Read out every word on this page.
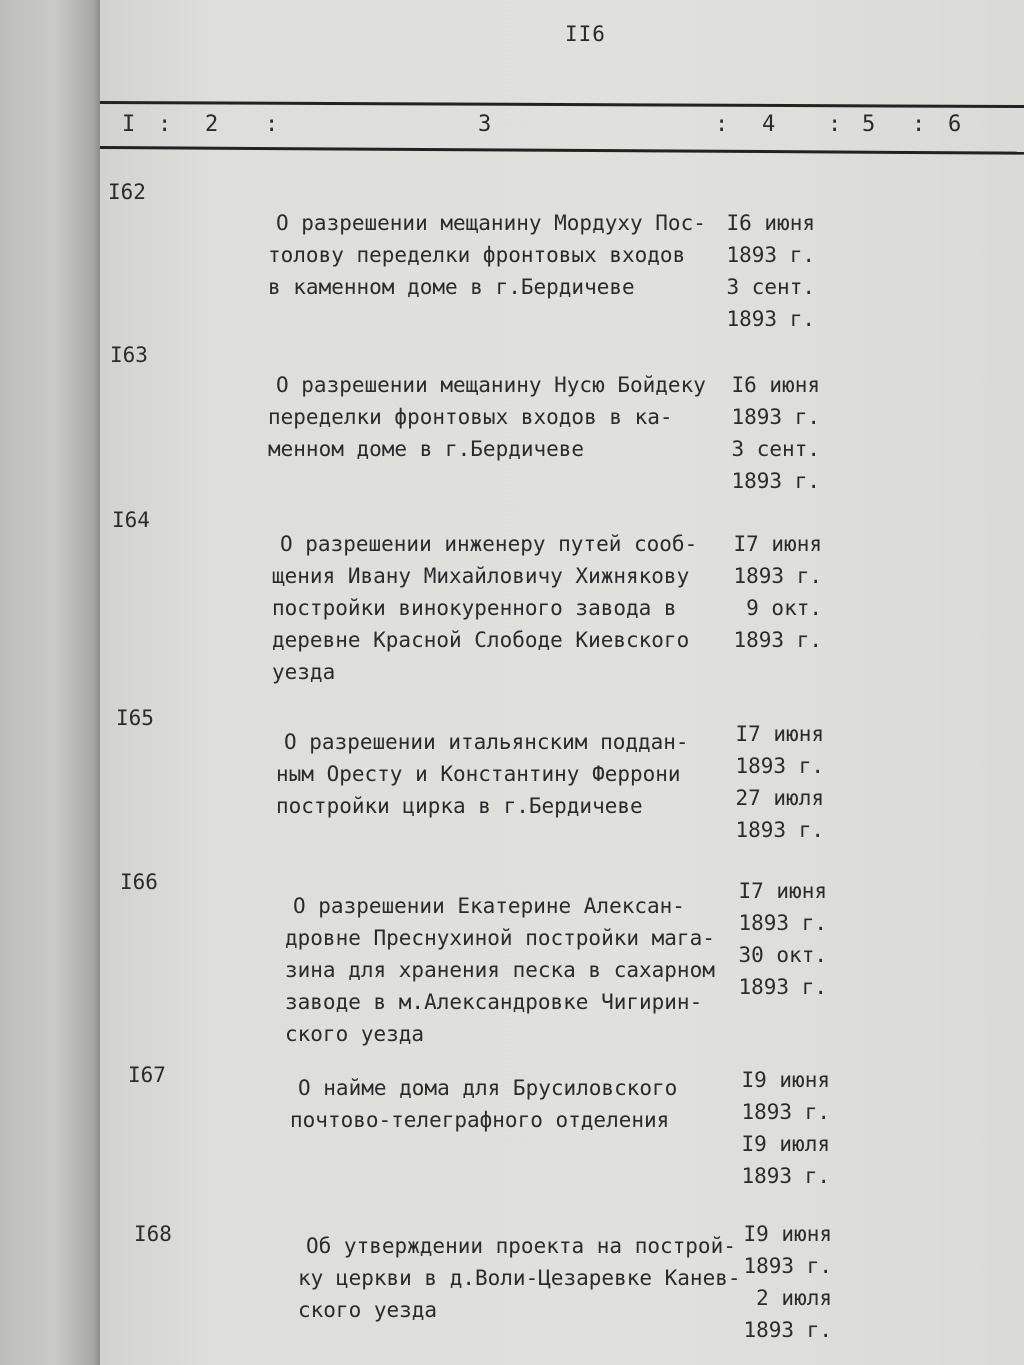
II6
I : 2 :	3	: 4 : 5 : 6
I62

О разрешении мещанину Мордуху Пос-
толову переделки фронтовых входов
в каменном доме в г.Бердичеве

I6 июня
1893 г.
3 сент.
1893 г.
I63

О разрешении мещанину Нусю Бойдеку
переделки фронтовых входов в ка-
менном доме в г.Бердичеве

I6 июня
1893 г.
3 сент.
1893 г.
I64

О разрешении инженеру путей сооб-
щения Ивану Михайловичу Хижнякову
постройки винокуренного завода в
деревне Красной Слободе Киевского
уезда

I7 июня
1893 г.
9 окт.
1893 г.
I65

О разрешении итальянским поддан-
ным Оресту и Константину Феррони
постройки цирка в г.Бердичеве

I7 июня
1893 г.
27 июля
1893 г.
I66

О разрешении Екатерине Алексан-
дровне Преснухиной постройки мага-
зина для хранения песка в сахарном
заводе в м.Александровке Чигирин-
ского уезда

I7 июня
1893 г.
30 окт.
1893 г.
I67

О найме дома для Брусиловского
почтово-телеграфного отделения

I9 июня
1893 г.
I9 июля
1893 г.
I68	Об утверждении проекта на построй-
ку церкви в д.Воли-Цезаревке Канев-
ского уезда

I9 июня
1893 г.
2 июля
1893 г.
